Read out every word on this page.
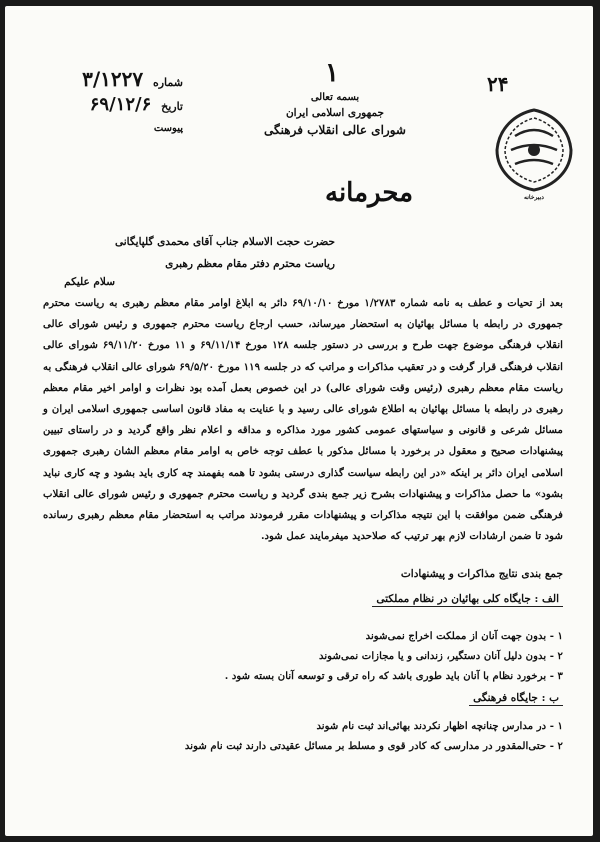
۱	۲۴
شماره ۳/۱۲۲۷
تاریخ ۶۹/۱۲/۶
پیوست
بسمه تعالی
جمهوری اسلامی ایران
شورای عالی انقلاب فرهنگی
دبیرخانه
محرمانه
حضرت حجت الاسلام جناب آقای محمدی گلپایگانی
ریاست محترم دفتر مقام معظم رهبری
سلام علیکم

بعد از تحیات و عطف به نامه شماره ۱/۲۷۸۳ مورخ ۶۹/۱۰/۱۰ دائر به ابلاغ اوامر مقام معظم رهبری به ریاست محترم جمهوری در رابطه با مسائل بهائیان به استحضار میرساند، حسب ارجاع ریاست محترم جمهوری و رئیس شورای عالی انقلاب فرهنگی موضوع جهت طرح و بررسی در دستور جلسه ۱۲۸ مورخ ۶۹/۱۱/۱۴ و ۱۱ مورخ ۶۹/۱۱/۲۰ شورای عالی انقلاب فرهنگی قرار گرفت و در تعقیب مذاکرات و مراتب که در جلسه ۱۱۹ مورخ ۶۹/۵/۲۰ شورای عالی انقلاب فرهنگی به ریاست مقام معظم رهبری (رئیس وقت شورای عالی) در این خصوص بعمل آمده بود نظرات و اوامر اخیر مقام معظم رهبری در رابطه با مسائل بهائیان به اطلاع شورای عالی رسید و با عنایت به مفاد قانون اساسی جمهوری اسلامی ایران و مسائل شرعی و قانونی و سیاستهای عمومی کشور مورد مذاکره و مداقه و اعلام نظر واقع گردید و در راستای تبیین پیشنهادات صحیح و معقول در برخورد با مسائل مذکور با عطف توجه خاص به اوامر مقام معظم الشان رهبری جمهوری اسلامی ایران دائر بر اینکه «در این رابطه سیاست گذاری درستی بشود تا همه بفهمند چه کاری باید بشود و چه کاری نباید بشود» ما حصل مذاکرات و پیشنهادات بشرح زیر جمع بندی گردید و ریاست محترم جمهوری و رئیس شورای عالی انقلاب فرهنگی ضمن موافقت با این نتیجه مذاکرات و پیشنهادات مقرر فرمودند مراتب به استحضار مقام معظم رهبری رسانده شود تا ضمن ارشادات لازم بهر ترتیب که صلاحدید میفرمایند عمل شود.

جمع بندی نتایج مذاکرات و پیشنهادات
الف : جایگاه کلی بهائیان در نظام مملکتی
۱ - بدون جهت آنان از مملکت اخراج نمی‌شوند
۲ - بدون دلیل آنان دستگیر، زندانی و یا مجازات نمی‌شوند
۳ - برخورد نظام با آنان باید طوری باشد که راه ترقی و توسعه آنان بسته شود .
ب : جایگاه فرهنگی
۱ - در مدارس چنانچه اظهار نکردند بهائی‌اند ثبت نام شوند
۲ - حتی‌المقدور در مدارسی که کادر قوی و مسلط بر مسائل عقیدتی دارند ثبت نام شوند
